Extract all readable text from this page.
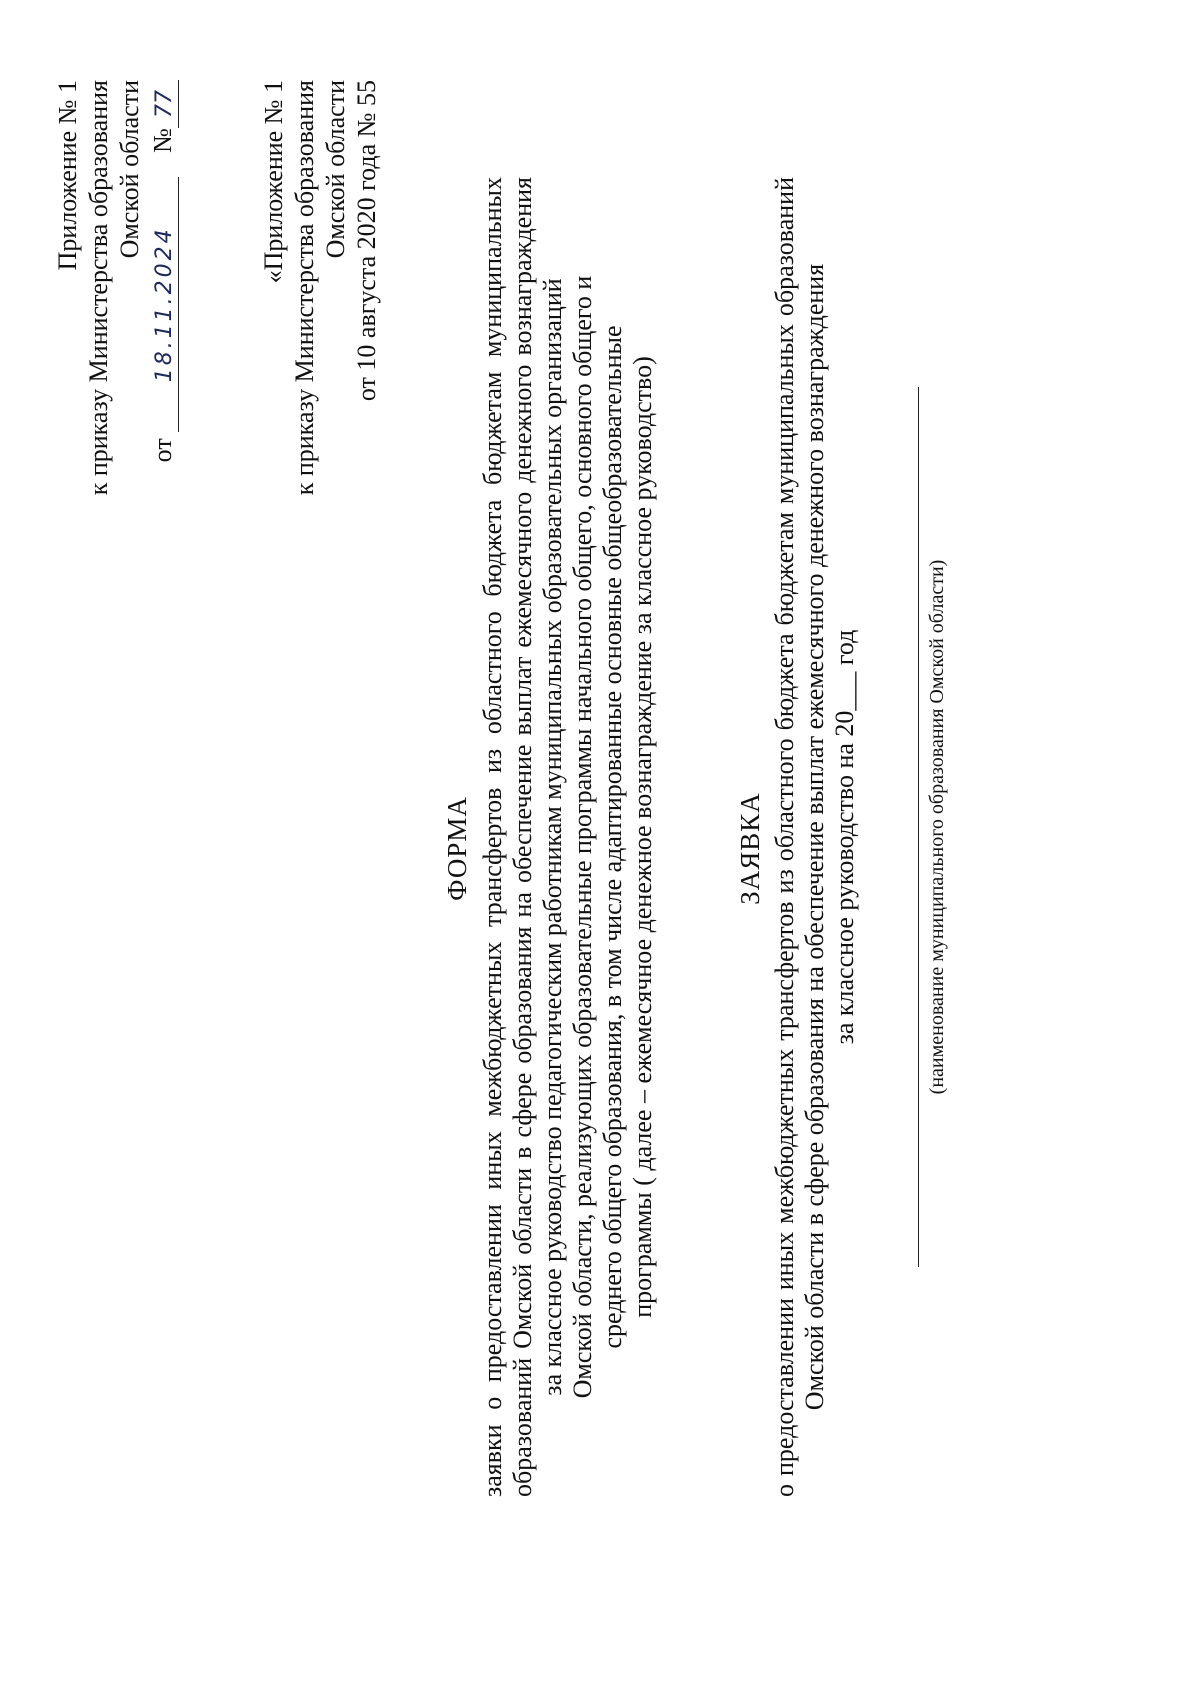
Приложение № 1 к приказу Министерства образования Омской области
от 18.11.2024№77	«Приложение № 1 к приказу Министерства образования Омской области от 10 августа 2020 года № 55
ФОРМА заявки о предоставлении иных межбюджетных трансфертов из областного бюджета бюджетам муниципальных образований Омской области в сфере образования на обеспечение выплат ежемесячного денежного вознаграждения за классное руководство педагогическим работникам муниципальных образовательных организаций Омской области, реализующих образовательные программы начального общего, основного общего и среднего общего образования, в том числе адаптированные основные общеобразовательные программы ( далее – ежемесячное денежное вознаграждение за классное руководство)	ЗАЯВКА о предоставлении иных межбюджетных трансфертов из областного бюджета бюджетам муниципальных образований Омской области в сфере образования на обеспечение выплат ежемесячного денежного вознаграждения за классное руководство на 20___ год	(наименование муниципального образования Омской области)
